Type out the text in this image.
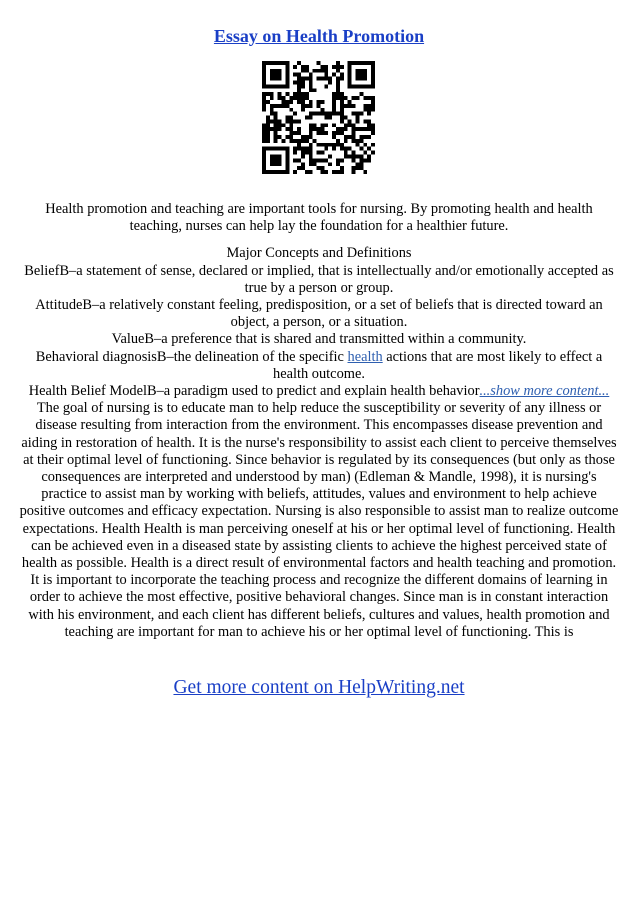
Essay on Health Promotion

Health promotion and teaching are important tools for nursing. By promoting health and health teaching, nurses can help lay the foundation for a healthier future.

Major Concepts and Definitions

BeliefB–a statement of sense, declared or implied, that is intellectually and/or emotionally accepted as true by a person or group.

AttitudeB–a relatively constant feeling, predisposition, or a set of beliefs that is directed toward an object, a person, or a situation.

ValueB–a preference that is shared and transmitted within a community.

Behavioral diagnosisB–the delineation of the specific health actions that are most likely to effect a health outcome.

Health Belief ModelB–a paradigm used to predict and explain health behavior...show more content...

The goal of nursing is to educate man to help reduce the susceptibility or severity of any illness or disease resulting from interaction from the environment. This encompasses disease prevention and aiding in restoration of health. It is the nurse's responsibility to assist each client to perceive themselves at their optimal level of functioning. Since behavior is regulated by its consequences (but only as those consequences are interpreted and understood by man) (Edleman & Mandle, 1998), it is nursing's practice to assist man by working with beliefs, attitudes, values and environment to help achieve positive outcomes and efficacy expectation. Nursing is also responsible to assist man to realize outcome expectations. Health Health is man perceiving oneself at his or her optimal level of functioning. Health can be achieved even in a diseased state by assisting clients to achieve the highest perceived state of health as possible. Health is a direct result of environmental factors and health teaching and promotion. It is important to incorporate the teaching process and recognize the different domains of learning in order to achieve the most effective, positive behavioral changes. Since man is in constant interaction with his environment, and each client has different beliefs, cultures and values, health promotion and teaching are important for man to achieve his or her optimal level of functioning. This is

Get more content on HelpWriting.net
